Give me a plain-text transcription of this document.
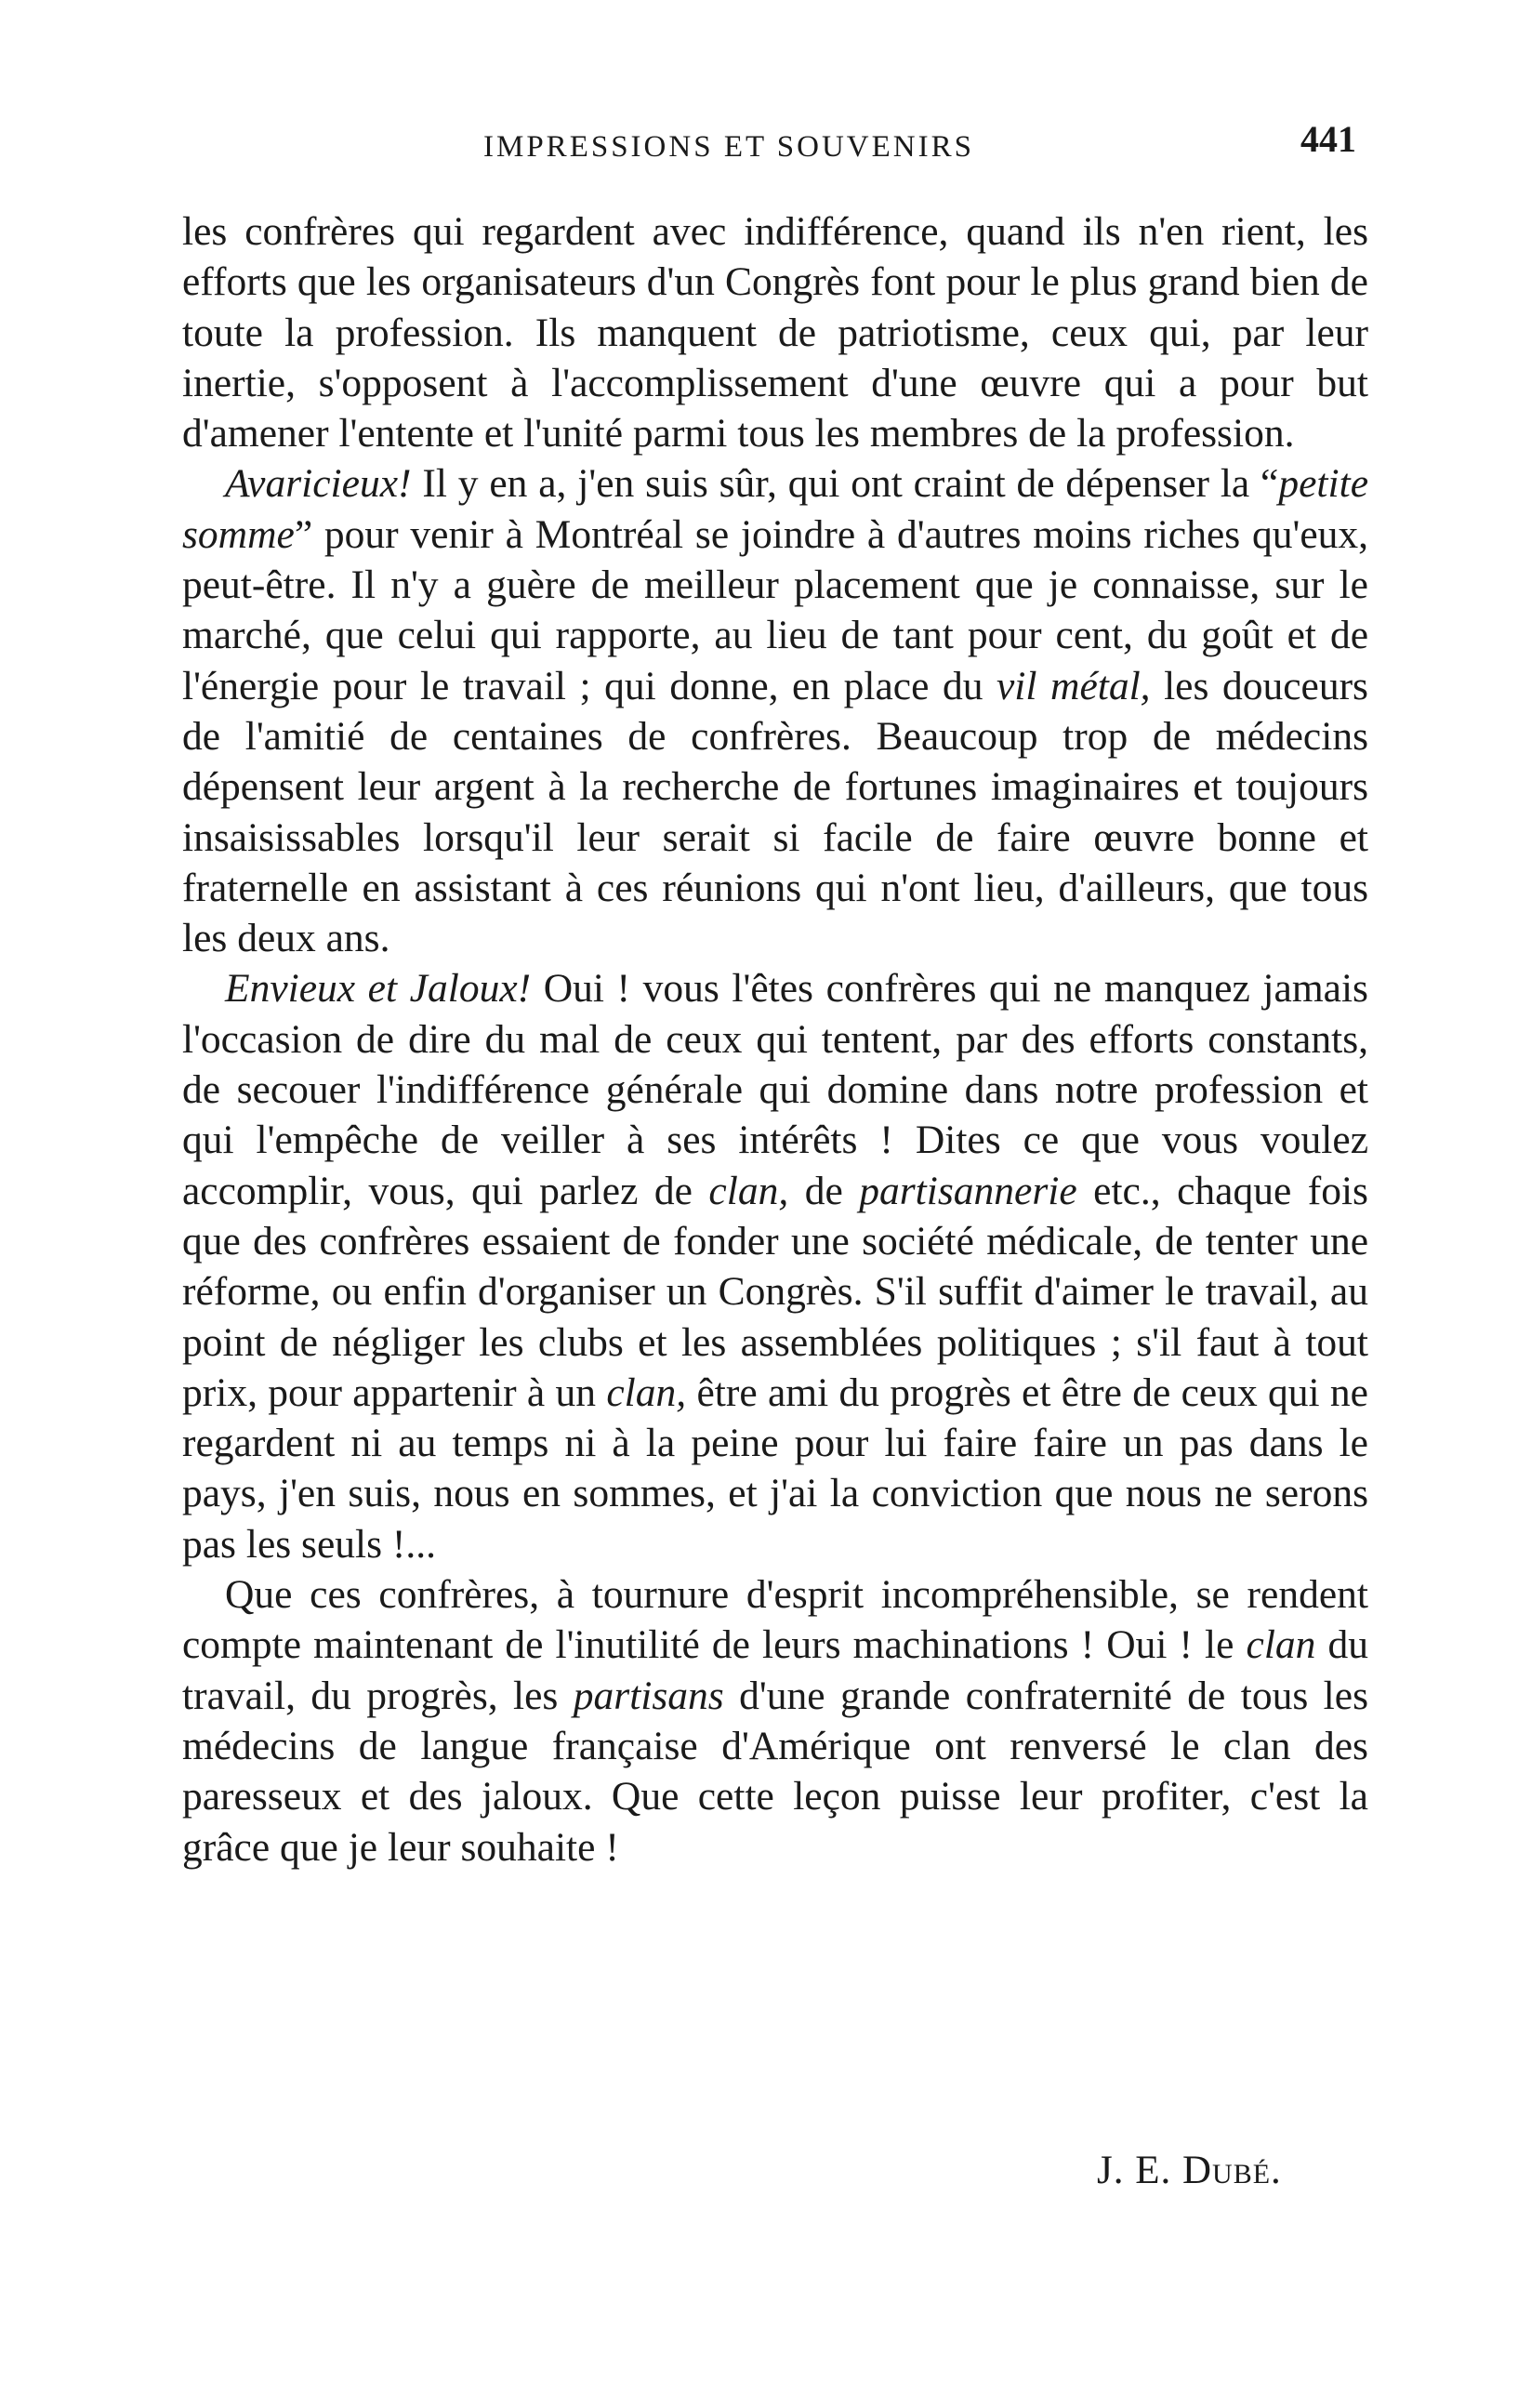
IMPRESSIONS ET SOUVENIRS	441

les confrères qui regardent avec indifférence, quand ils n'en rient, les efforts que les organisateurs d'un Congrès font pour le plus grand bien de toute la profession. Ils manquent de patriotisme, ceux qui, par leur inertie, s'opposent à l'accomplissement d'une œuvre qui a pour but d'amener l'entente et l'unité parmi tous les membres de la profession.

Avaricieux! Il y en a, j'en suis sûr, qui ont craint de dépenser la “petite somme” pour venir à Montréal se joindre à d'autres moins riches qu'eux, peut-être. Il n'y a guère de meilleur placement que je connaisse, sur le marché, que celui qui rapporte, au lieu de tant pour cent, du goût et de l'énergie pour le travail ; qui donne, en place du vil métal, les douceurs de l'amitié de centaines de confrères. Beaucoup trop de médecins dépensent leur argent à la recherche de fortunes imaginaires et toujours insaisissables lorsqu'il leur serait si facile de faire œuvre bonne et fraternelle en assistant à ces réunions qui n'ont lieu, d'ailleurs, que tous les deux ans.

Envieux et Jaloux! Oui ! vous l'êtes confrères qui ne manquez jamais l'occasion de dire du mal de ceux qui tentent, par des efforts constants, de secouer l'indifférence générale qui domine dans notre profession et qui l'empêche de veiller à ses intérêts ! Dites ce que vous voulez accomplir, vous, qui parlez de clan, de partisannerie etc., chaque fois que des confrères essaient de fonder une société médicale, de tenter une réforme, ou enfin d'organiser un Congrès. S'il suffit d'aimer le travail, au point de négliger les clubs et les assemblées politiques ; s'il faut à tout prix, pour appartenir à un clan, être ami du progrès et être de ceux qui ne regardent ni au temps ni à la peine pour lui faire faire un pas dans le pays, j'en suis, nous en sommes, et j'ai la conviction que nous ne serons pas les seuls !...

Que ces confrères, à tournure d'esprit incompréhensible, se rendent compte maintenant de l'inutilité de leurs machinations ! Oui ! le clan du travail, du progrès, les partisans d'une grande confraternité de tous les médecins de langue française d'Amérique ont renversé le clan des paresseux et des jaloux. Que cette leçon puisse leur profiter, c'est la grâce que je leur souhaite !

J. E. Dubé.
